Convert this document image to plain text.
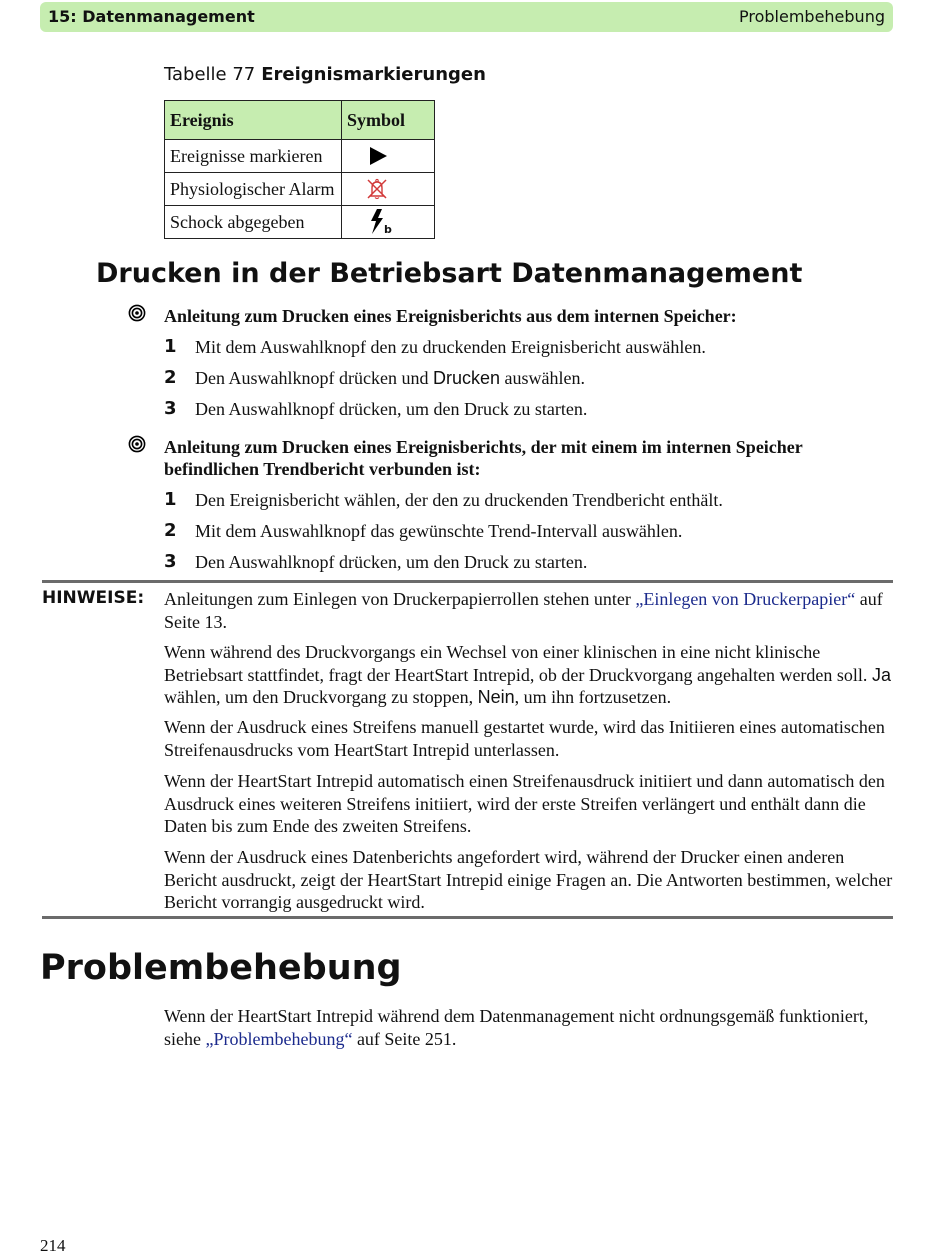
15: Datenmanagement	Problembehebung
Tabelle 77 Ereignismarkierungen
Ereignis	Symbol
Ereignisse markieren	

Physiologischer Alarm	

Schock abgegeben	b
Drucken in der Betriebsart Datenmanagement
Anleitung zum Drucken eines Ereignisberichts aus dem internen Speicher:
1 Mit dem Auswahlknopf den zu druckenden Ereignisbericht auswählen.
2 Den Auswahlknopf drücken und Drucken auswählen.
3 Den Auswahlknopf drücken, um den Druck zu starten.
Anleitung zum Drucken eines Ereignisberichts, der mit einem im internen Speicher befindlichen Trendbericht verbunden ist:
1 Den Ereignisbericht wählen, der den zu druckenden Trendbericht enthält.
2 Mit dem Auswahlknopf das gewünschte Trend-Intervall auswählen.
3 Den Auswahlknopf drücken, um den Druck zu starten.
HINWEISE: Anleitungen zum Einlegen von Druckerpapierrollen stehen unter „Einlegen von Druckerpapier“ auf Seite 13.
Wenn während des Druckvorgangs ein Wechsel von einer klinischen in eine nicht klinische Betriebsart stattfindet, fragt der HeartStart Intrepid, ob der Druckvorgang angehalten werden soll. Ja wählen, um den Druckvorgang zu stoppen, Nein, um ihn fortzusetzen.
Wenn der Ausdruck eines Streifens manuell gestartet wurde, wird das Initiieren eines automatischen Streifenausdrucks vom HeartStart Intrepid unterlassen.
Wenn der HeartStart Intrepid automatisch einen Streifenausdruck initiiert und dann automatisch den Ausdruck eines weiteren Streifens initiiert, wird der erste Streifen verlängert und enthält dann die Daten bis zum Ende des zweiten Streifens.
Wenn der Ausdruck eines Datenberichts angefordert wird, während der Drucker einen anderen Bericht ausdruckt, zeigt der HeartStart Intrepid einige Fragen an. Die Antworten bestimmen, welcher Bericht vorrangig ausgedruckt wird.
Problembehebung
Wenn der HeartStart Intrepid während dem Datenmanagement nicht ordnungsgemäß funktioniert, siehe „Problembehebung“ auf Seite 251.
214
